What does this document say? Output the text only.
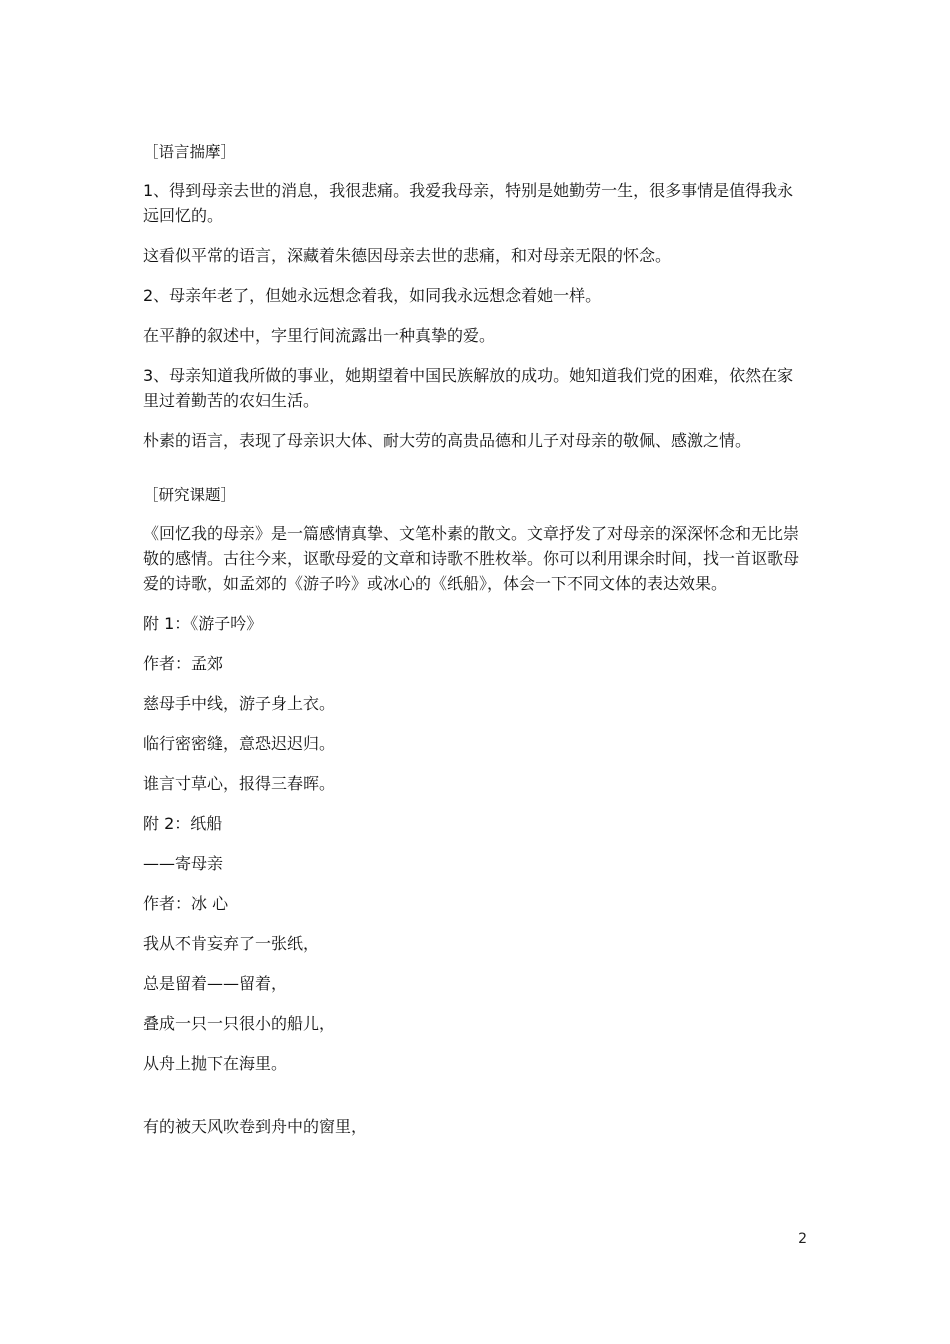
［语言揣摩］

1、得到母亲去世的消息，我很悲痛。我爱我母亲，特别是她勤劳一生，很多事情是值得我永远回忆的。

这看似平常的语言，深藏着朱德因母亲去世的悲痛，和对母亲无限的怀念。

2、母亲年老了，但她永远想念着我，如同我永远想念着她一样。

在平静的叙述中，字里行间流露出一种真挚的爱。

3、母亲知道我所做的事业，她期望着中国民族解放的成功。她知道我们党的困难，依然在家里过着勤苦的农妇生活。

朴素的语言，表现了母亲识大体、耐大劳的高贵品德和儿子对母亲的敬佩、感激之情。

［研究课题］

《回忆我的母亲》是一篇感情真挚、文笔朴素的散文。文章抒发了对母亲的深深怀念和无比崇敬的感情。古往今来，讴歌母爱的文章和诗歌不胜枚举。你可以利用课余时间，找一首讴歌母爱的诗歌，如孟郊的《游子吟》或冰心的《纸船》，体会一下不同文体的表达效果。

附 1：《游子吟》

作者：孟郊

慈母手中线，游子身上衣。

临行密密缝，意恐迟迟归。

谁言寸草心，报得三春晖。

附 2：纸船

——寄母亲

作者：冰 心

我从不肯妄弃了一张纸，

总是留着——留着，

叠成一只一只很小的船儿，

从舟上抛下在海里。

有的被天风吹卷到舟中的窗里，

2
